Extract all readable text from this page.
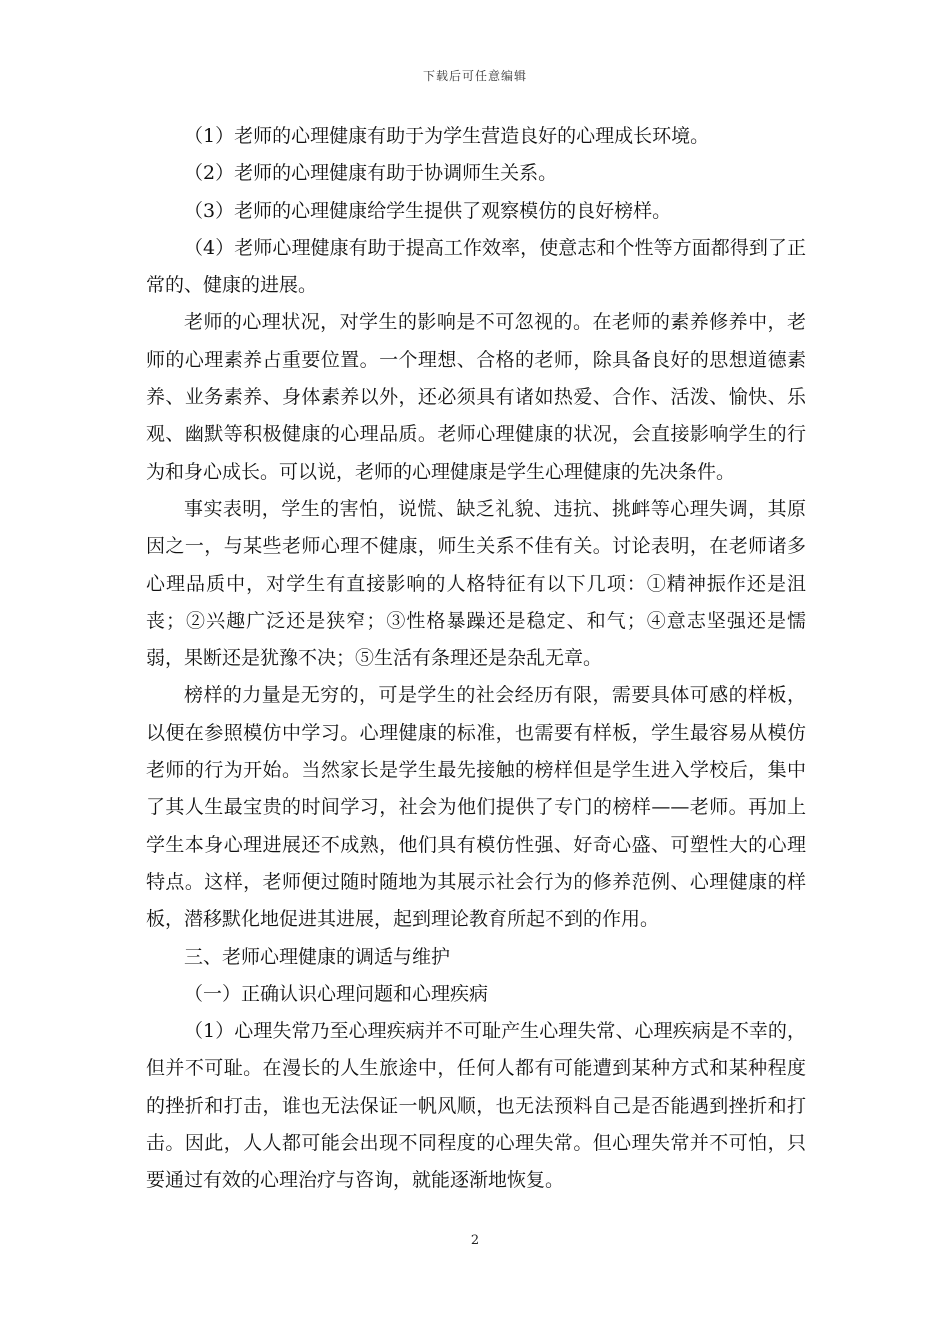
下载后可任意编辑

（1）老师的心理健康有助于为学生营造良好的心理成长环境。

（2）老师的心理健康有助于协调师生关系。

（3）老师的心理健康给学生提供了观察模仿的良好榜样。

（4）老师心理健康有助于提高工作效率，使意志和个性等方面都得到了正常的、健康的进展。

老师的心理状况，对学生的影响是不可忽视的。在老师的素养修养中，老师的心理素养占重要位置。一个理想、合格的老师，除具备良好的思想道德素养、业务素养、身体素养以外，还必须具有诸如热爱、合作、活泼、愉快、乐观、幽默等积极健康的心理品质。老师心理健康的状况，会直接影响学生的行为和身心成长。可以说，老师的心理健康是学生心理健康的先决条件。

事实表明，学生的害怕，说慌、缺乏礼貌、违抗、挑衅等心理失调，其原因之一，与某些老师心理不健康，师生关系不佳有关。讨论表明，在老师诸多心理品质中，对学生有直接影响的人格特征有以下几项：①精神振作还是沮丧；②兴趣广泛还是狭窄；③性格暴躁还是稳定、和气；④意志坚强还是懦弱，果断还是犹豫不决；⑤生活有条理还是杂乱无章。

榜样的力量是无穷的，可是学生的社会经历有限，需要具体可感的样板，以便在参照模仿中学习。心理健康的标准，也需要有样板，学生最容易从模仿老师的行为开始。当然家长是学生最先接触的榜样但是学生进入学校后，集中了其人生最宝贵的时间学习，社会为他们提供了专门的榜样——老师。再加上学生本身心理进展还不成熟，他们具有模仿性强、好奇心盛、可塑性大的心理特点。这样，老师便过随时随地为其展示社会行为的修养范例、心理健康的样板，潜移默化地促进其进展，起到理论教育所起不到的作用。

三、老师心理健康的调适与维护

（一）正确认识心理问题和心理疾病

（1）心理失常乃至心理疾病并不可耻产生心理失常、心理疾病是不幸的，但并不可耻。在漫长的人生旅途中，任何人都有可能遭到某种方式和某种程度的挫折和打击，谁也无法保证一帆风顺，也无法预料自己是否能遇到挫折和打击。因此，人人都可能会出现不同程度的心理失常。但心理失常并不可怕，只要通过有效的心理治疗与咨询，就能逐渐地恢复。

2
